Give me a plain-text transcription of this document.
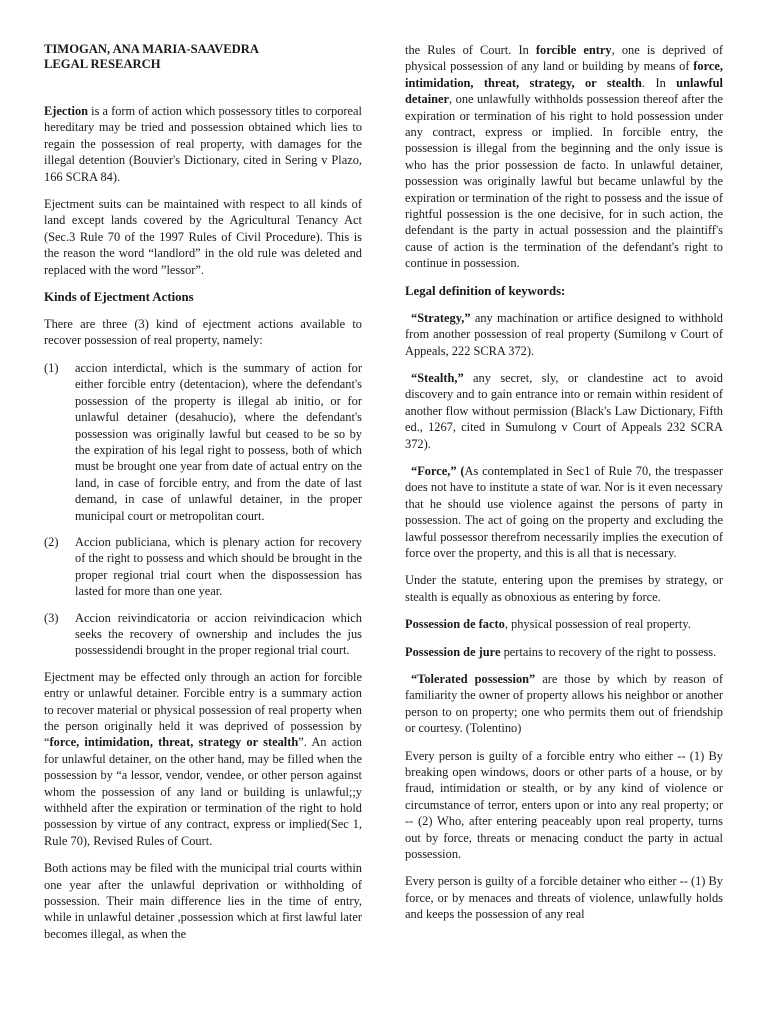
TIMOGAN, ANA MARIA-SAAVEDRA
LEGAL RESEARCH

Ejection is a form of action which possessory titles to corporeal hereditary may be tried and possession obtained which lies to regain the possession of real property, with damages for the illegal detention (Bouvier's Dictionary, cited in Sering v Plazo, 166 SCRA 84).

Ejectment suits can be maintained with respect to all kinds of land except lands covered by the Agricultural Tenancy Act (Sec.3 Rule 70 of the 1997 Rules of Civil Procedure). This is the reason the word “landlord” in the old rule was deleted and replaced with the word ”lessor”.

Kinds of Ejectment Actions

There are three (3) kind of ejectment actions available to recover possession of real property, namely:

(1) accion interdictal, which is the summary of action for either forcible entry (detentacion), where the defendant's possession of the property is illegal ab initio, or for unlawful detainer (desahucio), where the defendant's possession was originally lawful but ceased to be so by the expiration of his legal right to possess, both of which must be brought one year from date of actual entry on the land, in case of forcible entry, and from the date of last demand, in case of unlawful detainer, in the proper municipal court or metropolitan court.
(2) Accion publiciana, which is plenary action for recovery of the right to possess and which should be brought in the proper regional trial court when the dispossession has lasted for more than one year.
(3) Accion reivindicatoria or accion reivindicacion which seeks the recovery of ownership and includes the jus possessidendi brought in the proper regional trial court.

Ejectment may be effected only through an action for forcible entry or unlawful detainer. Forcible entry is a summary action to recover material or physical possession of real property when the person originally held it was deprived of possession by “force, intimidation, threat, strategy or stealth”. An action for unlawful detainer, on the other hand, may be filled when the possession by “a lessor, vendor, vendee, or other person against whom the possession of any land or building is unlawful;;y withheld after the expiration or termination of the right to hold possession by virtue of any contract, express or implied(Sec 1, Rule 70), Revised Rules of Court.

Both actions may be filed with the municipal trial courts within one year after the unlawful deprivation or withholding of possession. Their main difference lies in the time of entry, while in unlawful detainer ,possession which at first lawful later becomes illegal, as when the

the Rules of Court. In forcible entry, one is deprived of physical possession of any land or building by means of force, intimidation, threat, strategy, or stealth. In unlawful detainer, one unlawfully withholds possession thereof after the expiration or termination of his right to hold possession under any contract, express or implied. In forcible entry, the possession is illegal from the beginning and the only issue is who has the prior possession de facto. In unlawful detainer, possession was originally lawful but became unlawful by the expiration or termination of the right to possess and the issue of rightful possession is the one decisive, for in such action, the defendant is the party in actual possession and the plaintiff's cause of action is the termination of the defendant's right to continue in possession.

Legal definition of keywords:

“Strategy,” any machination or artifice designed to withhold from another possession of real property (Sumilong v Court of Appeals, 222 SCRA 372).

“Stealth,” any secret, sly, or clandestine act to avoid discovery and to gain entrance into or remain within resident of another flow without permission (Black's Law Dictionary, Fifth ed., 1267, cited in Sumulong v Court of Appeals 232 SCRA 372).

“Force,” (As contemplated in Sec1 of Rule 70, the trespasser does not have to institute a state of war. Nor is it even necessary that he should use violence against the persons of party in possession. The act of going on the property and excluding the lawful possessor therefrom necessarily implies the execution of force over the property, and this is all that is necessary.

Under the statute, entering upon the premises by strategy, or stealth is equally as obnoxious as entering by force.

Possession de facto, physical possession of real property.

Possession de jure pertains to recovery of the right to possess.

“Tolerated possession” are those by which by reason of familiarity the owner of property allows his neighbor or another person to on property; one who permits them out of friendship or courtesy. (Tolentino)

Every person is guilty of a forcible entry who either -- (1) By breaking open windows, doors or other parts of a house, or by fraud, intimidation or stealth, or by any kind of violence or circumstance of terror, enters upon or into any real property; or -- (2) Who, after entering peaceably upon real property, turns out by force, threats or menacing conduct the party in actual possession.

Every person is guilty of a forcible detainer who either -- (1) By force, or by menaces and threats of violence, unlawfully holds and keeps the possession of any real
